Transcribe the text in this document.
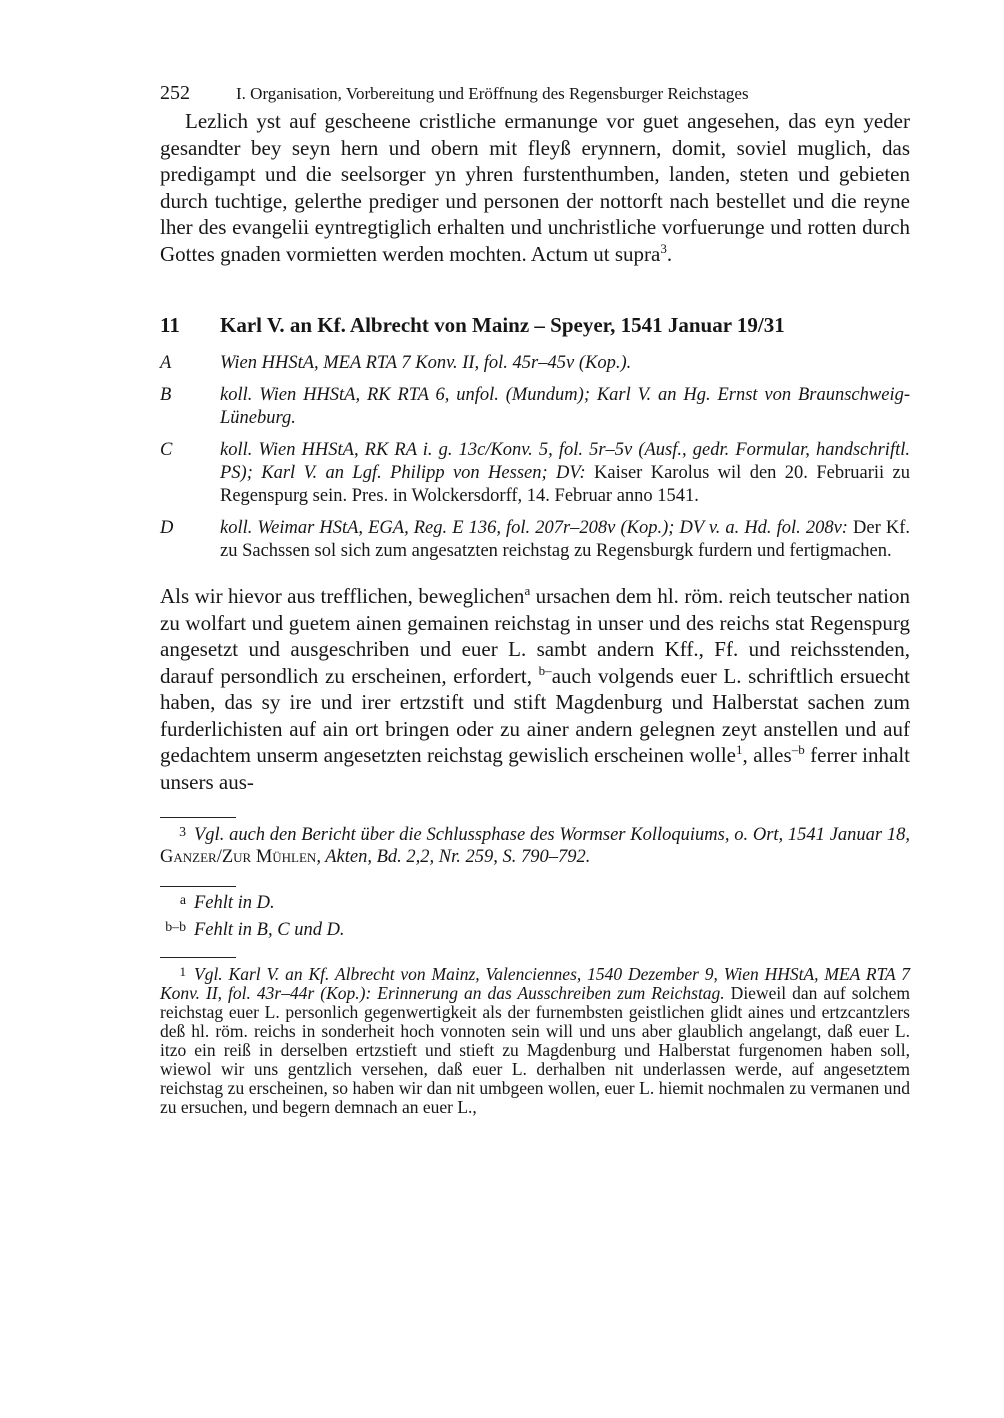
252	I. Organisation, Vorbereitung und Eröffnung des Regensburger Reichstages

Lezlich yst auf gescheene cristliche ermanunge vor guet angesehen, das eyn yeder gesandter bey seyn hern und obern mit fleyß erynnern, domit, soviel muglich, das predigampt und die seelsorger yn yhren furstenthumben, landen, steten und gebieten durch tuchtige, gelerthe prediger und personen der nottorft nach bestellet und die reyne lher des evangelii eyntregtiglich erhalten und unchristliche vorfuerunge und rotten durch Gottes gnaden vormietten werden mochten. Actum ut supra$^3$.

11 Karl V. an Kf. Albrecht von Mainz – Speyer, 1541 Januar 19/31
A	Wien HHStA, MEA RTA 7 Konv. II, fol. 45r–45v (Kop.).
B	koll. Wien HHStA, RK RTA 6, unfol. (Mundum); Karl V. an Hg. Ernst von Braunschweig-Lüneburg.
C	koll. Wien HHStA, RK RA i. g. 13c/Konv. 5, fol. 5r–5v (Ausf., gedr. Formular, handschriftl. PS); Karl V. an Lgf. Philipp von Hessen; DV: Kaiser Karolus wil den 20. Februarii zu Regenspurg sein. Pres. in Wolckersdorff, 14. Februar anno 1541.
D	koll. Weimar HStA, EGA, Reg. E 136, fol. 207r–208v (Kop.); DV v. a. Hd. fol. 208v: Der Kf. zu Sachssen sol sich zum angesatzten reichstag zu Regensburgk furdern und fertigmachen.

Als wir hievor aus trefflichen, beweglichen$^a$ ursachen dem hl. röm. reich teutscher nation zu wolfart und guetem ainen gemainen reichstag in unser und des reichs stat Regenspurg angesetzt und ausgeschriben und euer L. sambt andern Kff., Ff. und reichsstenden, darauf persondlich zu erscheinen, erfordert, $^{b-}$auch volgends euer L. schriftlich ersuecht haben, das sy ire und irer ertzstift und stift Magdenburg und Halberstat sachen zum furderlichisten auf ain ort bringen oder zu ainer andern gelegnen zeyt anstellen und auf gedachtem unserm angesetzten reichstag gewislich erscheinen wolle$^1$, alles$^{-b}$ ferrer inhalt unsers aus-

3 Vgl. auch den Bericht über die Schlussphase des Wormser Kolloquiums, o. Ort, 1541 Januar 18, Ganzer/Zur Mühlen, Akten, Bd. 2,2, Nr. 259, S. 790–792.
a Fehlt in D.
b–b Fehlt in B, C und D.
1 Vgl. Karl V. an Kf. Albrecht von Mainz, Valenciennes, 1540 Dezember 9, Wien HHStA, MEA RTA 7 Konv. II, fol. 43r–44r (Kop.): Erinnerung an das Ausschreiben zum Reichstag. Dieweil dan auf solchem reichstag euer L. personlich gegenwertigkeit als der furnembsten geistlichen glidt aines und ertzcantzlers deß hl. röm. reichs in sonderheit hoch vonnoten sein will und uns aber glaublich angelangt, daß euer L. itzo ein reiß in derselben ertzstieft und stieft zu Magdenburg und Halberstat furgenomen haben soll, wiewol wir uns gentzlich versehen, daß euer L. derhalben nit underlassen werde, auf angesetztem reichstag zu erscheinen, so haben wir dan nit umbgeen wollen, euer L. hiemit nochmalen zu vermanen und zu ersuchen, und begern demnach an euer L.,
